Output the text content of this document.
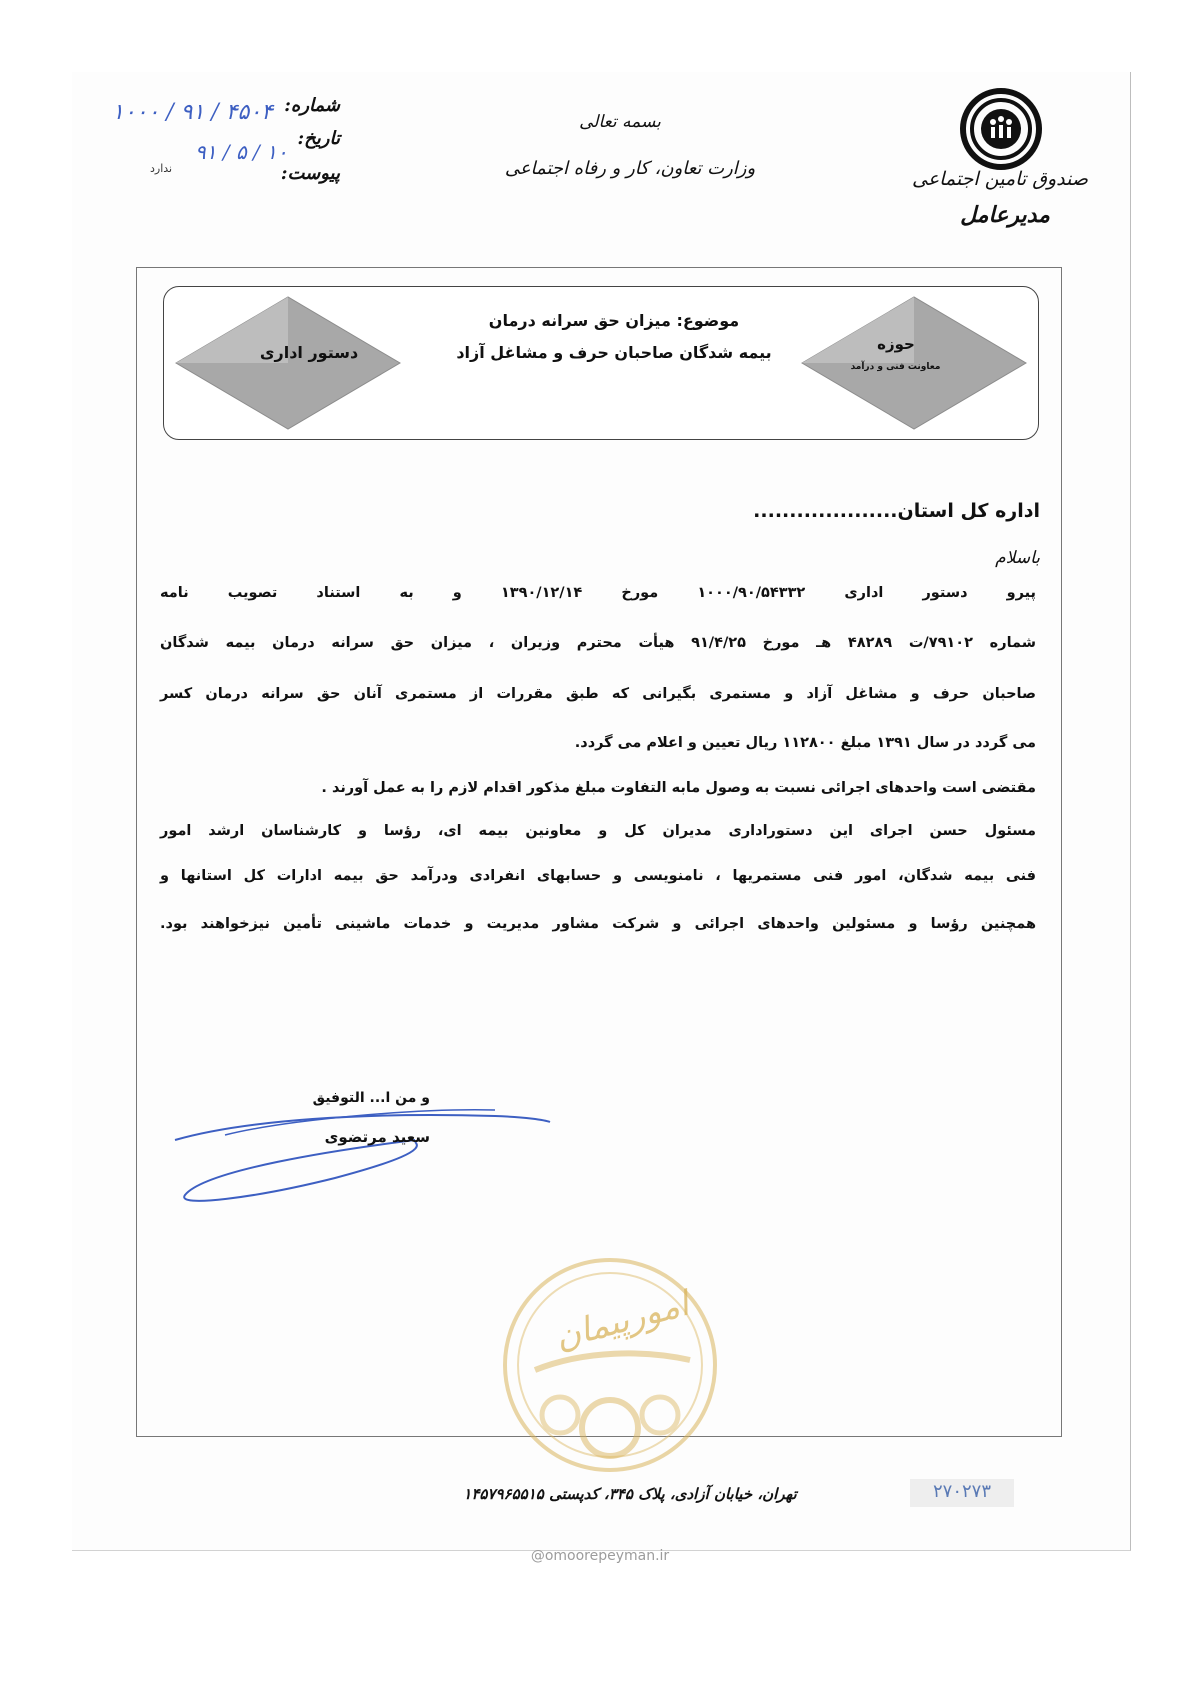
صندوق تامین اجتماعی
مدیرعامل
بسمه تعالی
وزارت تعاون، کار و رفاه اجتماعی
شماره:
تاریخ:
پیوست:
۱۰۰۰ / ۹۱ / ۴۵۰۴
۹۱ / ۵ / ۱۰
ندارد
دستور اداری	حوزه
معاونت فنی و درآمد
موضوع: میزان حق سرانه درمان
بیمه شدگان صاحبان حرف و مشاغل آزاد
اداره کل استان....................
باسلام
پیرو دستور اداری ۱۰۰۰/۹۰/۵۴۳۳۲ مورخ ۱۳۹۰/۱۲/۱۴ و به استناد تصویب نامه
شماره ۷۹۱۰۲/ت ۴۸۲۸۹ هـ مورخ ۹۱/۴/۲۵ هیأت محترم وزیران ، میزان حق سرانه درمان بیمه شدگان
صاحبان حرف و مشاغل آزاد و مستمری بگیرانی که طبق مقررات از مستمری آنان حق سرانه درمان کسر
می گردد در سال ۱۳۹۱ مبلغ ۱۱۲۸۰۰ ریال تعیین و اعلام می گردد.
مقتضی است واحدهای اجرائی نسبت به وصول مابه التفاوت مبلغ مذکور اقدام لازم را به عمل آورند .
مسئول حسن اجرای این دستوراداری مدیران کل و معاونین بیمه ای، رؤسا و کارشناسان ارشد امور
فنی بیمه شدگان، امور فنی مستمریها ، نامنویسی و حسابهای انفرادی ودرآمد حق بیمه ادارات کل استانها و
همچنین رؤسا و مسئولین واحدهای اجرائی و شرکت مشاور مدیریت و خدمات ماشینی تأمین نیزخواهند بود.
و من ا... التوفیق
سعید مرتضوی
امورپیمان
تهران، خیابان آزادی، پلاک ۳۴۵، کدپستی ۱۴۵۷۹۶۵۵۱۵	۲۷۰۲۷۳
@omoorepeyman.ir
